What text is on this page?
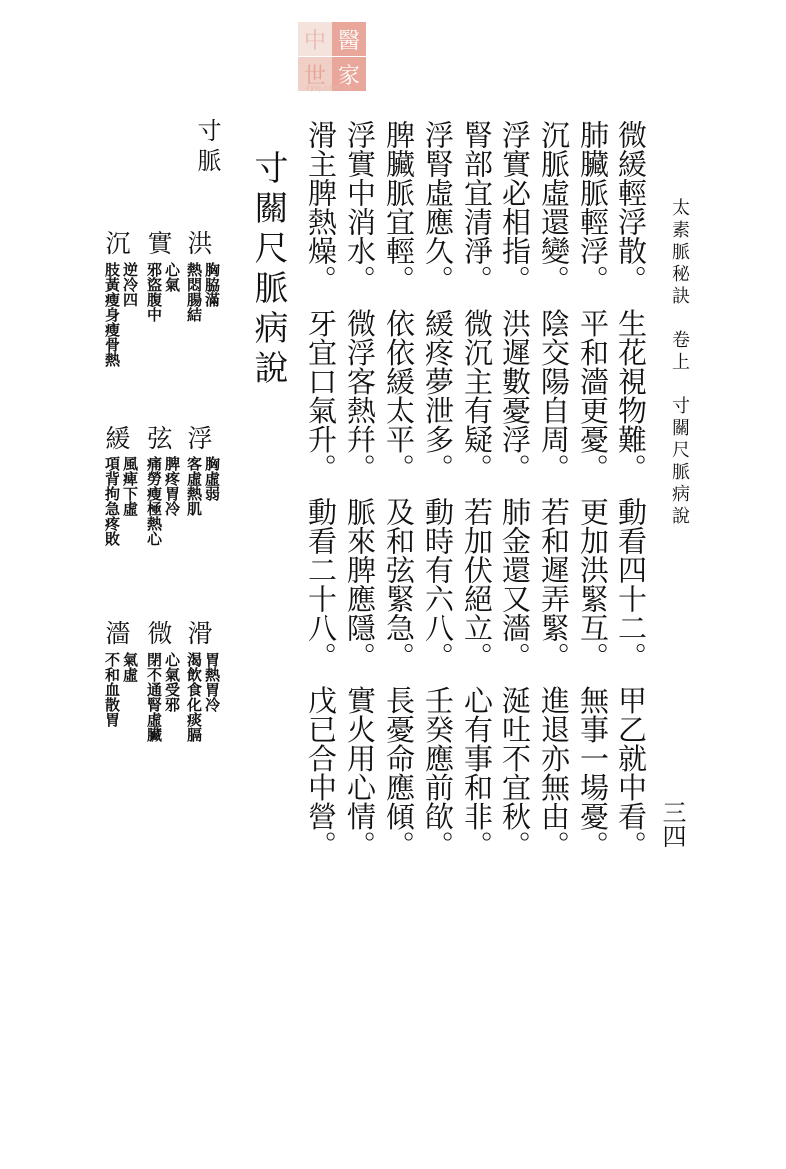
中 醫
世 家
zysj.com.cn
太素脈秘訣　卷上　寸關尺脈病說
三四
微緩輕浮散。　生花視物難。　動看四十二。　甲乙就中看。
肺臟脈輕浮。　平和濇更憂。　更加洪緊互。　無事一場憂。
沉脈虛還變。　陰交陽自周。　若和遲弄緊。　進退亦無由。
浮實必相指。　洪遲數憂浮。　肺金還又濇。　涎吐不宜秋。
腎部宜清淨。　微沉主有疑。　若加伏絕立。　心有事和非。
浮腎虛應久。　緩疼夢泄多。　動時有六八。　壬癸應前欿。
脾臟脈宜輕。　依依緩太平。　及和弦緊急。　長憂命應傾。
浮實中消水。　微浮客熱幷。　脈來脾應隱。　實火用心情。
滑主脾熱燥。　牙宜口氣升。　動看二十八。　戊已合中營。
寸關尺脈病說
寸脈
洪
胸脇滿
熱悶腸結
實
心氣
邪盜腹中
沉
逆冷四
肢黃瘦身瘦骨熱
浮
胸虛弱
客虛熱肌
弦
脾疼胃冷
痛勞瘦極熱心
緩
風痺下虛
項背拘急疼敗
滑
胃熱胃冷
渴飲食化痰膈
微
心氣受邪
閉不通腎虛臟
濇
氣虛
不和血散胃
